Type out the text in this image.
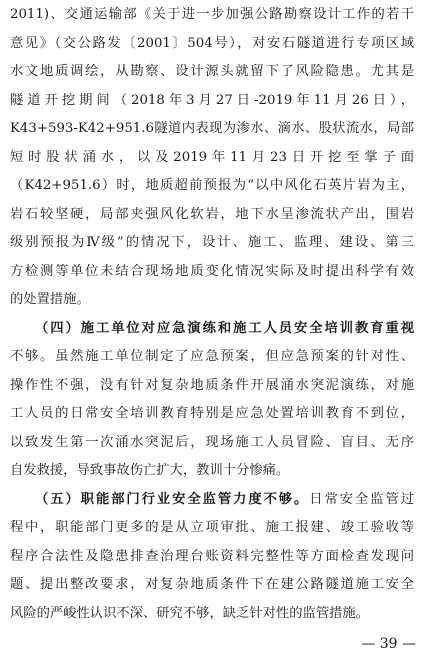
2011)、交通运输部《关于进一步加强公路勘察设计工作的若干
意见》（交公路发〔2001〕504号），对安石隧道进行专项区域
水文地质调绘，从勘察、设计源头就留下了风险隐患。尤其是
隧道开挖期间（2018年3月27日-2019年11月26日），
K43+593-K42+951.6隧道内表现为渗水、滴水、股状流水，局部
短时股状涌水，以及2019年11月23日开挖至掌子面
（K42+951.6）时，地质超前预报为“以中风化石英片岩为主，
岩石较坚硬，局部夹强风化软岩，地下水呈渗流状产出，围岩
级别预报为Ⅳ级”的情况下，设计、施工、监理、建设、第三
方检测等单位未结合现场地质变化情况实际及时提出科学有效
的处置措施。
（四）施工单位对应急演练和施工人员安全培训教育重视
不够。虽然施工单位制定了应急预案，但应急预案的针对性、
操作性不强，没有针对复杂地质条件开展涌水突泥演练，对施
工人员的日常安全培训教育特别是应急处置培训教育不到位，
以致发生第一次涌水突泥后，现场施工人员冒险、盲目、无序
自发救援，导致事故伤亡扩大，教训十分惨痛。
（五）职能部门行业安全监管力度不够。日常安全监管过
程中，职能部门更多的是从立项审批、施工报建、竣工验收等
程序合法性及隐患排查治理台账资料完整性等方面检查发现问
题、提出整改要求，对复杂地质条件下在建公路隧道施工安全
风险的严峻性认识不深、研究不够，缺乏针对性的监管措施。
— 39 —
